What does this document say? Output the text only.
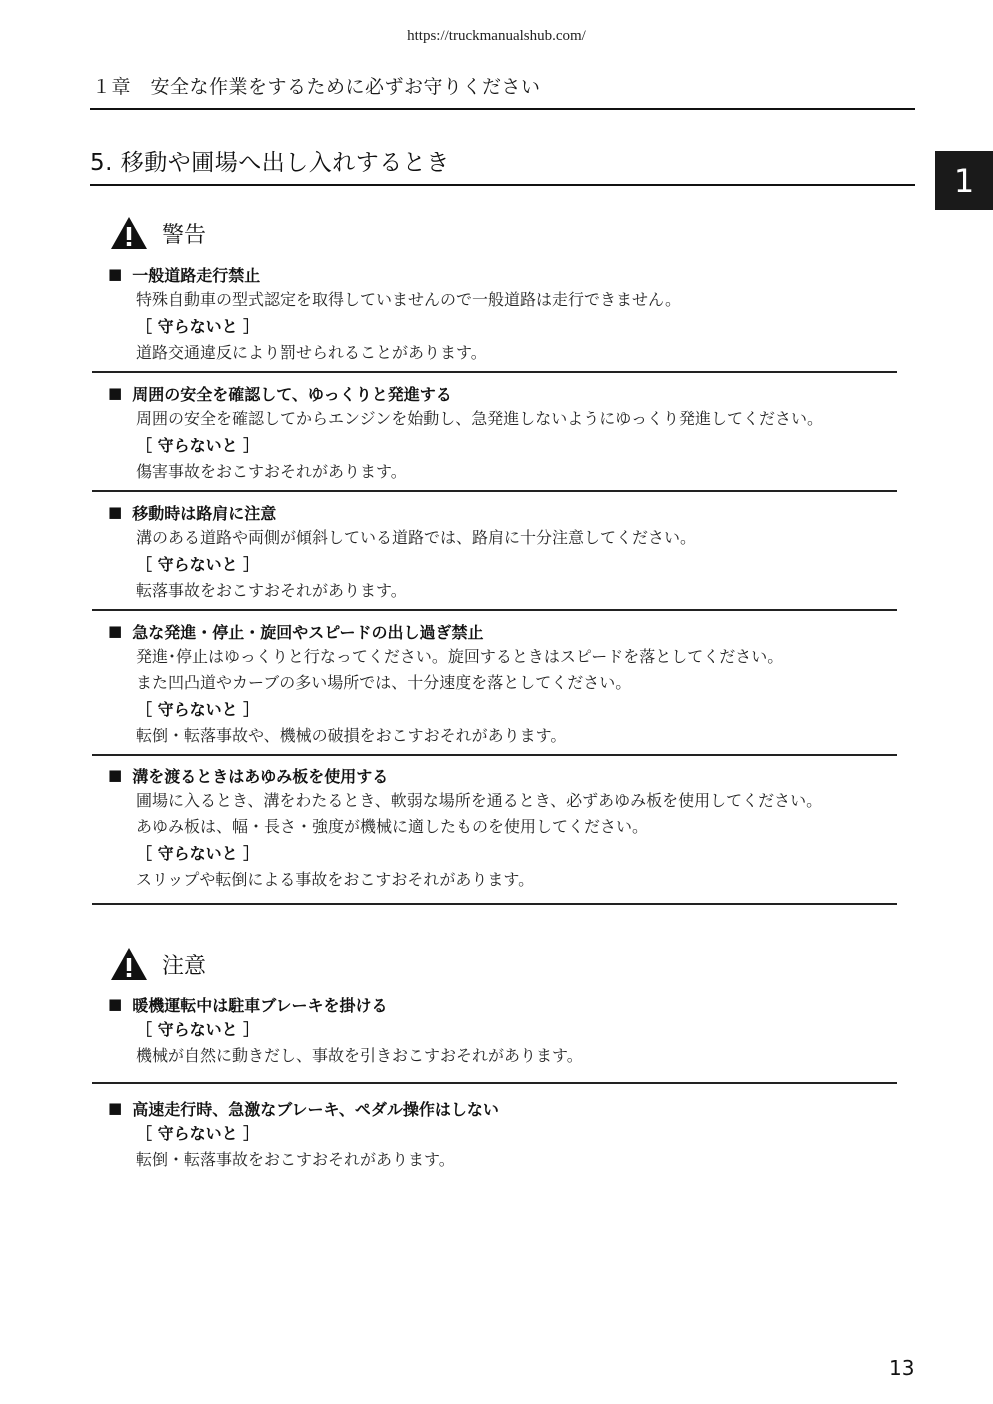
https://truckmanualshub.com/
１章　安全な作業をするために必ずお守りください
5. 移動や圃場へ出し入れするとき	1
警告
■ 一般道路走行禁止
特殊自動車の型式認定を取得していませんので一般道路は走行できません。
［ 守らないと ］
道路交通違反により罰せられることがあります。
■ 周囲の安全を確認して、ゆっくりと発進する
周囲の安全を確認してからエンジンを始動し、急発進しないようにゆっくり発進してください。
［ 守らないと ］
傷害事故をおこすおそれがあります。
■ 移動時は路肩に注意
溝のある道路や両側が傾斜している道路では、路肩に十分注意してください。
［ 守らないと ］
転落事故をおこすおそれがあります。
■ 急な発進・停止・旋回やスピードの出し過ぎ禁止
発進･停止はゆっくりと行なってください。旋回するときはスピードを落としてください。
また凹凸道やカーブの多い場所では、十分速度を落としてください。
［ 守らないと ］
転倒・転落事故や、機械の破損をおこすおそれがあります。
■ 溝を渡るときはあゆみ板を使用する
圃場に入るとき、溝をわたるとき、軟弱な場所を通るとき、必ずあゆみ板を使用してください。
あゆみ板は、幅・長さ・強度が機械に適したものを使用してください。
［ 守らないと ］
スリップや転倒による事故をおこすおそれがあります。
注意
■ 暖機運転中は駐車ブレーキを掛ける
［ 守らないと ］
機械が自然に動きだし、事故を引きおこすおそれがあります。
■ 高速走行時、急激なブレーキ、ペダル操作はしない
［ 守らないと ］
転倒・転落事故をおこすおそれがあります。
13
